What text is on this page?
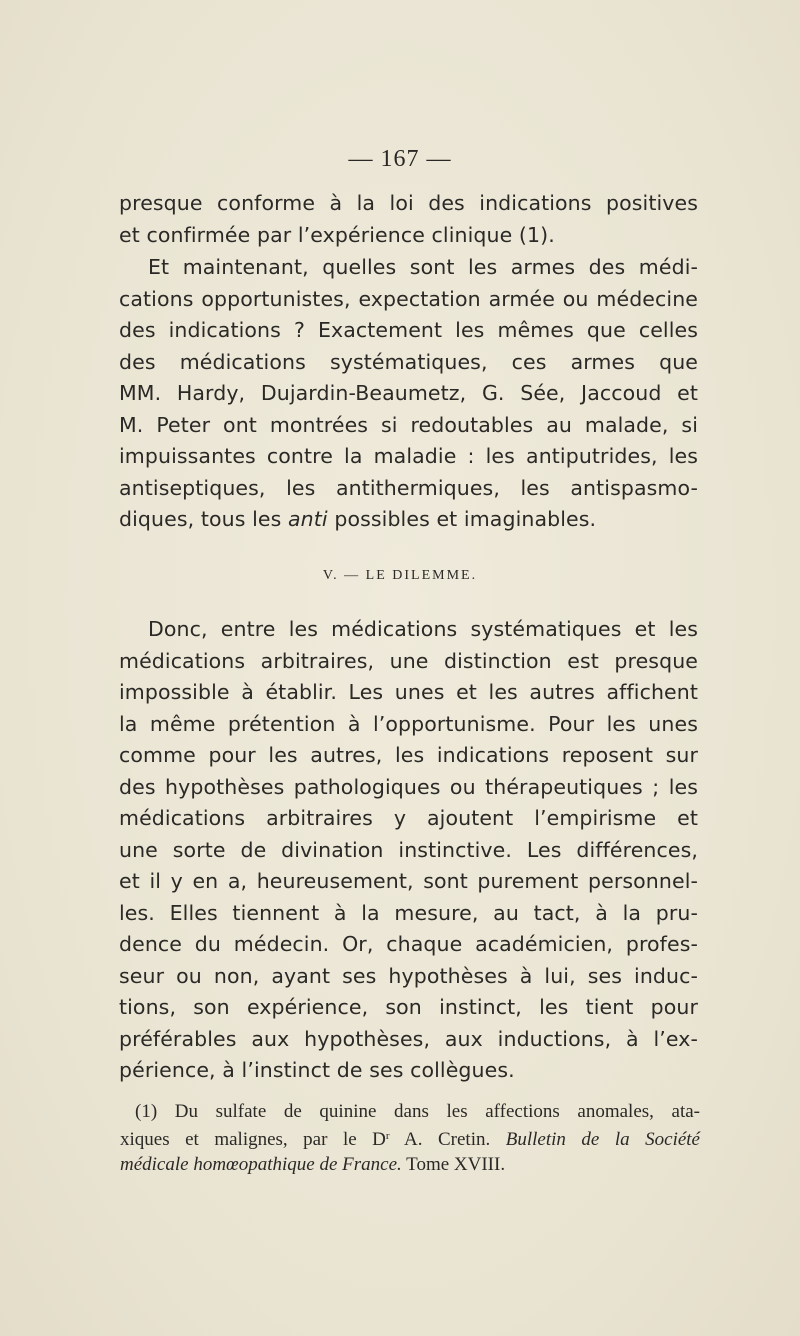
— 167 —

presque conforme à la loi des indications positives

et confirmée par l’expérience clinique (1).

Et maintenant, quelles sont les armes des médi-

cations opportunistes, expectation armée ou médecine

des indications ? Exactement les mêmes que celles

des médications systématiques, ces armes que

MM. Hardy, Dujardin-Beaumetz, G. Sée, Jaccoud et

M. Peter ont montrées si redoutables au malade, si

impuissantes contre la maladie : les antiputrides, les

antiseptiques, les antithermiques, les antispasmo-

diques, tous les anti possibles et imaginables.

V. — LE DILEMME.

Donc, entre les médications systématiques et les

médications arbitraires, une distinction est presque

impossible à établir. Les unes et les autres affichent

la même prétention à l’opportunisme. Pour les unes

comme pour les autres, les indications reposent sur

des hypothèses pathologiques ou thérapeutiques ; les

médications arbitraires y ajoutent l’empirisme et

une sorte de divination instinctive. Les différences,

et il y en a, heureusement, sont purement personnel-

les. Elles tiennent à la mesure, au tact, à la pru-

dence du médecin. Or, chaque académicien, profes-

seur ou non, ayant ses hypothèses à lui, ses induc-

tions, son expérience, son instinct, les tient pour

préférables aux hypothèses, aux inductions, à l’ex-

périence, à l’instinct de ses collègues.

(1) Du sulfate de quinine dans les affections anomales, ata-

xiques et malignes, par le $D^r$ A. Cretin. Bulletin de la Société
médicale homœopathique de France. Tome XVIII.
